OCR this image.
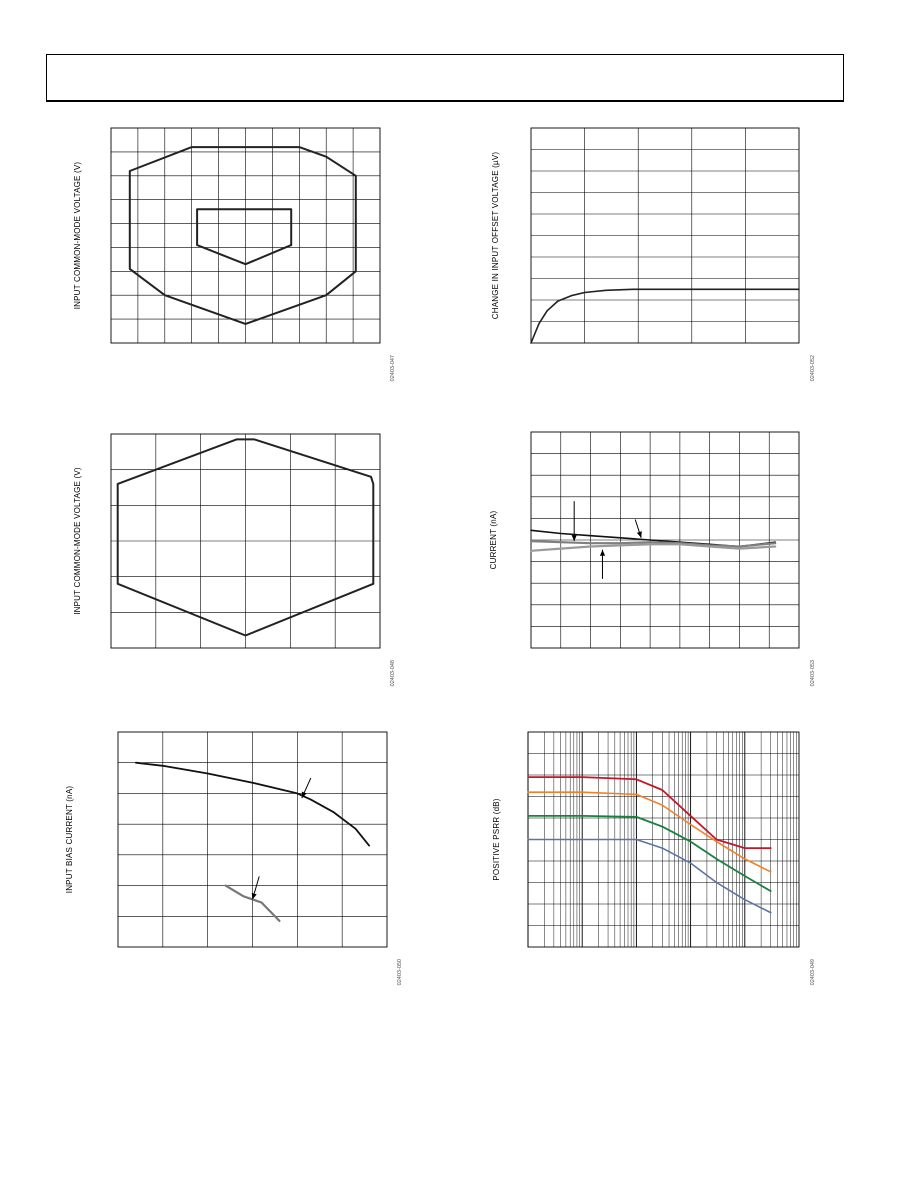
INPUT COMMON-MODE VOLTAGE (V)
02403-047
CHANGE IN INPUT OFFSET VOLTAGE (µV)
02403-052
INPUT COMMON-MODE VOLTAGE (V)
02403-048
CURRENT (nA)
02403-053
INPUT BIAS CURRENT (nA)
02403-050
POSITIVE PSRR (dB)
02403-049
